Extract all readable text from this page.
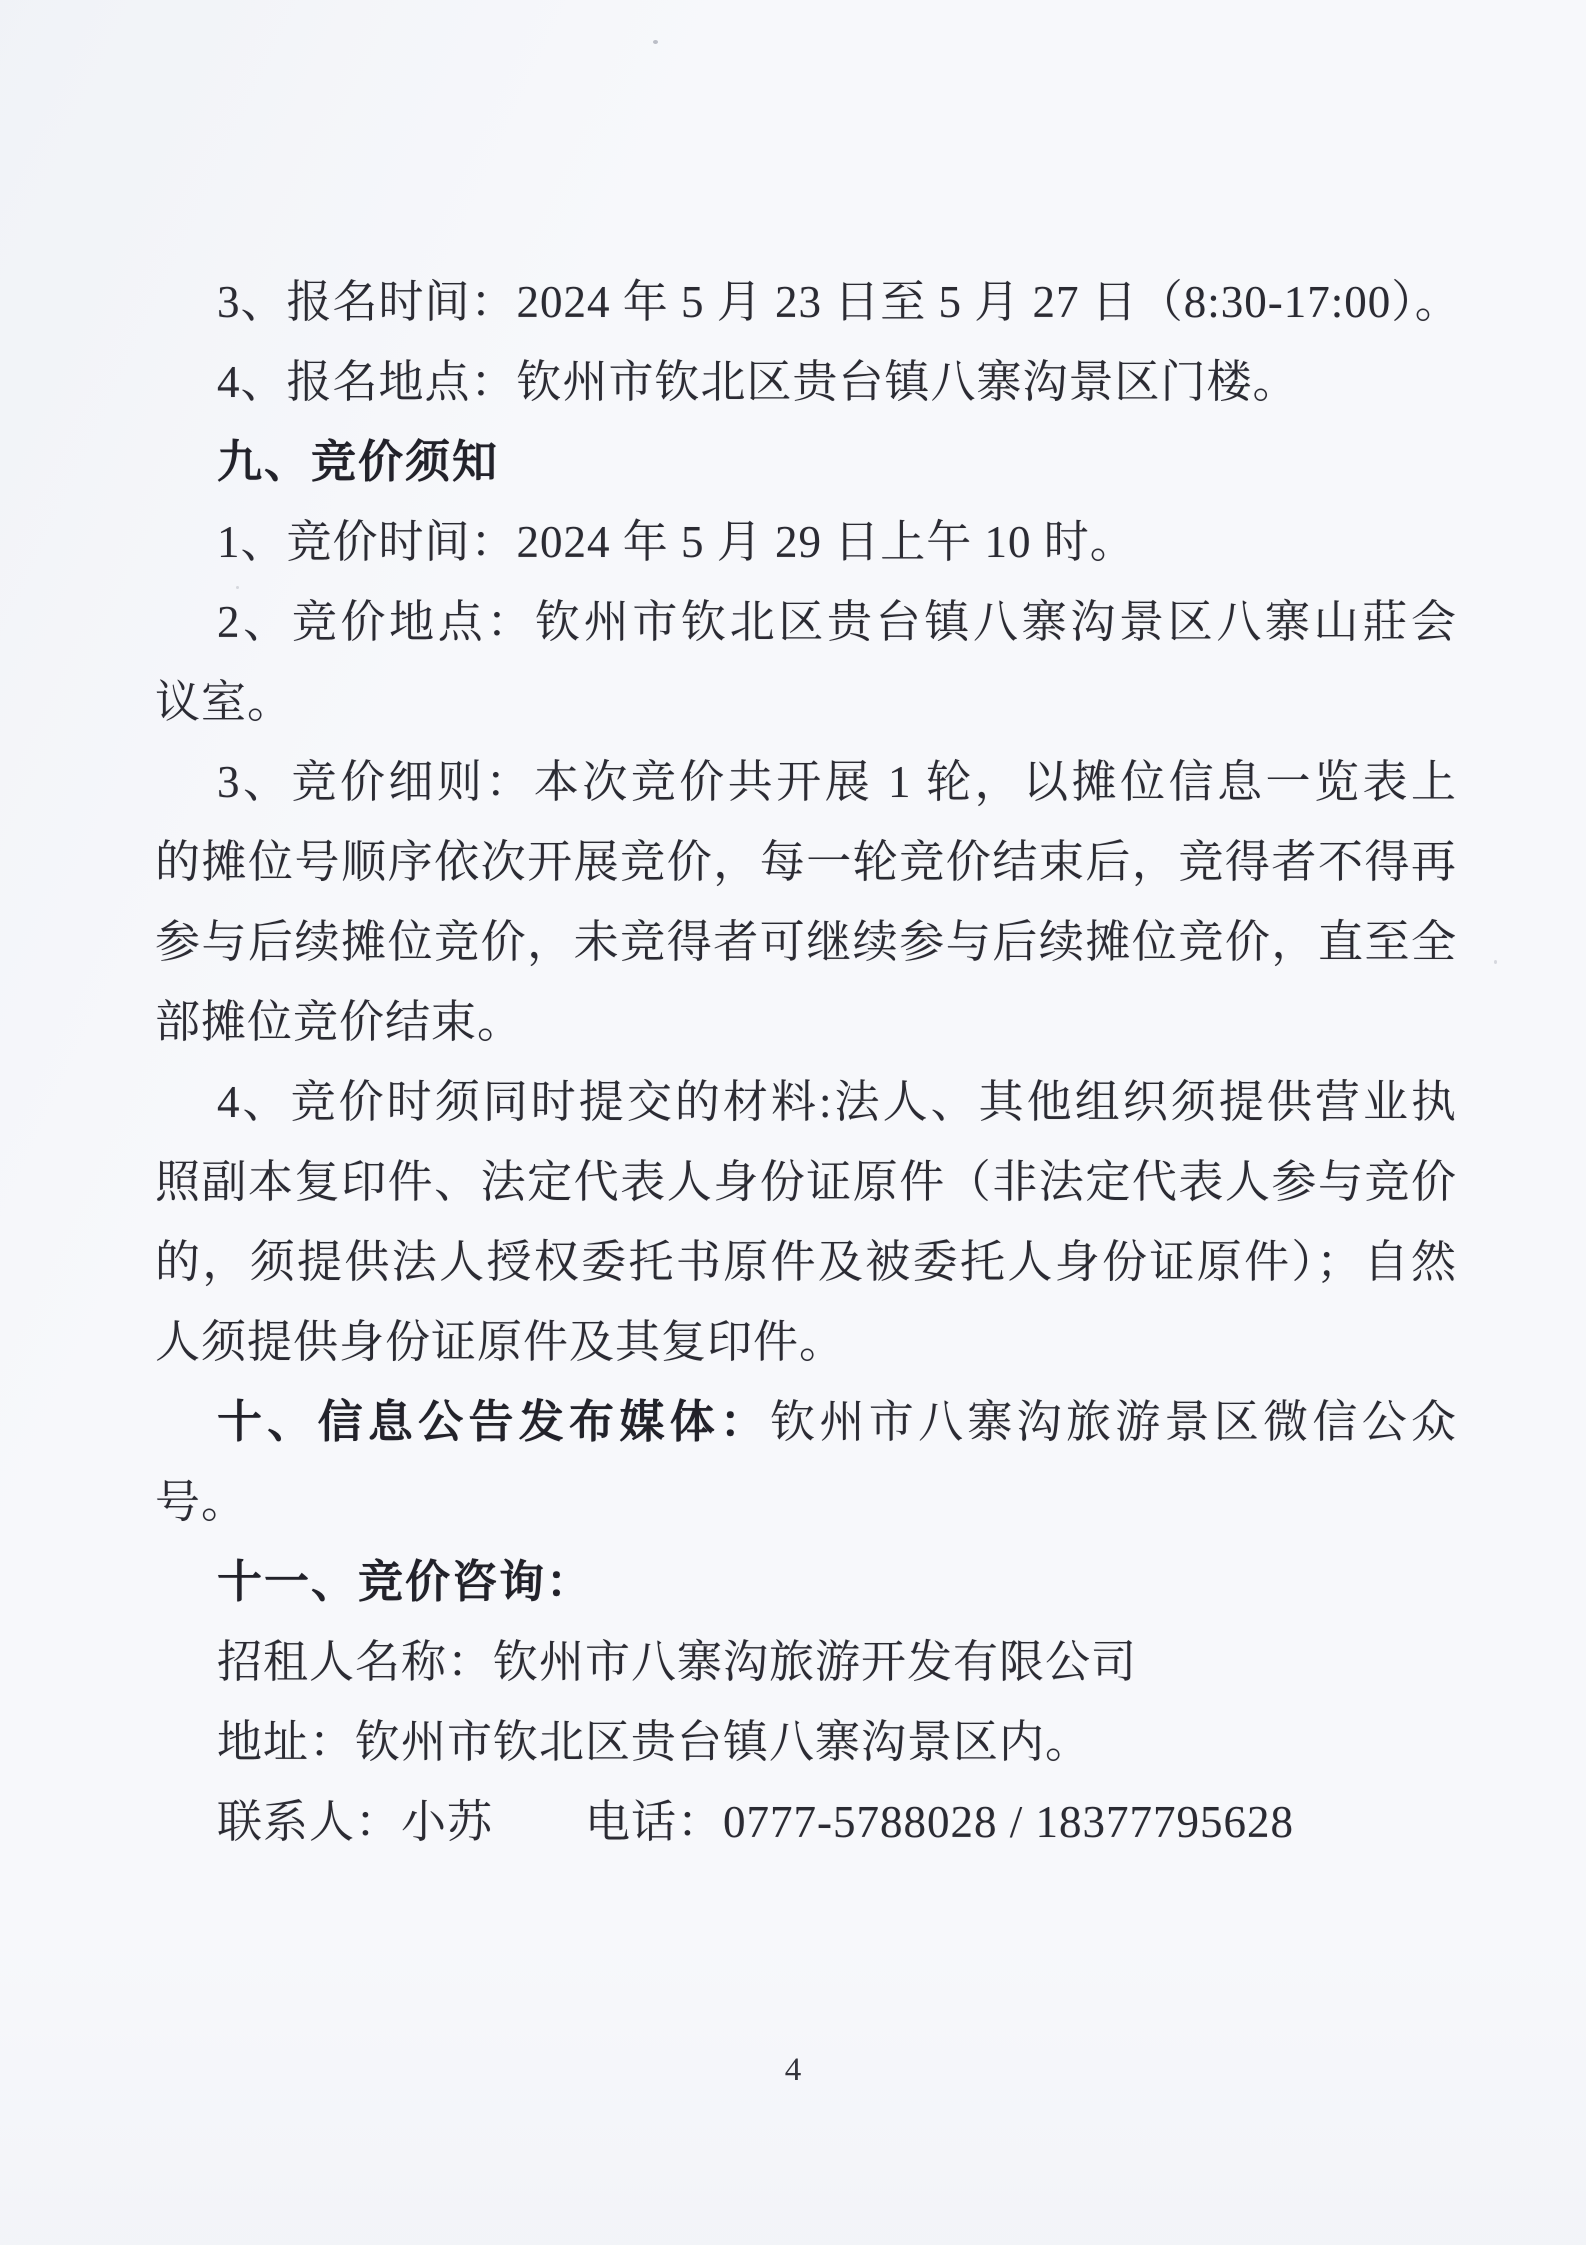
3、报名时间：2024 年 5 月 23 日至 5 月 27 日（8:30-17:00）。
4、报名地点：钦州市钦北区贵台镇八寨沟景区门楼。
九、竞价须知
1、竞价时间：2024 年 5 月 29 日上午 10 时。
2、竞价地点：钦州市钦北区贵台镇八寨沟景区八寨山莊会
议室。
3、竞价细则：本次竞价共开展 1 轮，以摊位信息一览表上
的摊位号顺序依次开展竞价，每一轮竞价结束后，竞得者不得再
参与后续摊位竞价，未竞得者可继续参与后续摊位竞价，直至全
部摊位竞价结束。
4、竞价时须同时提交的材料:法人、其他组织须提供营业执
照副本复印件、法定代表人身份证原件（非法定代表人参与竞价
的，须提供法人授权委托书原件及被委托人身份证原件）；自然
人须提供身份证原件及其复印件。
十、信息公告发布媒体：钦州市八寨沟旅游景区微信公众
号。
十一、竞价咨询：
招租人名称：钦州市八寨沟旅游开发有限公司
地址：钦州市钦北区贵台镇八寨沟景区内。
联系人：小苏　　电话：0777-5788028 / 18377795628
4
